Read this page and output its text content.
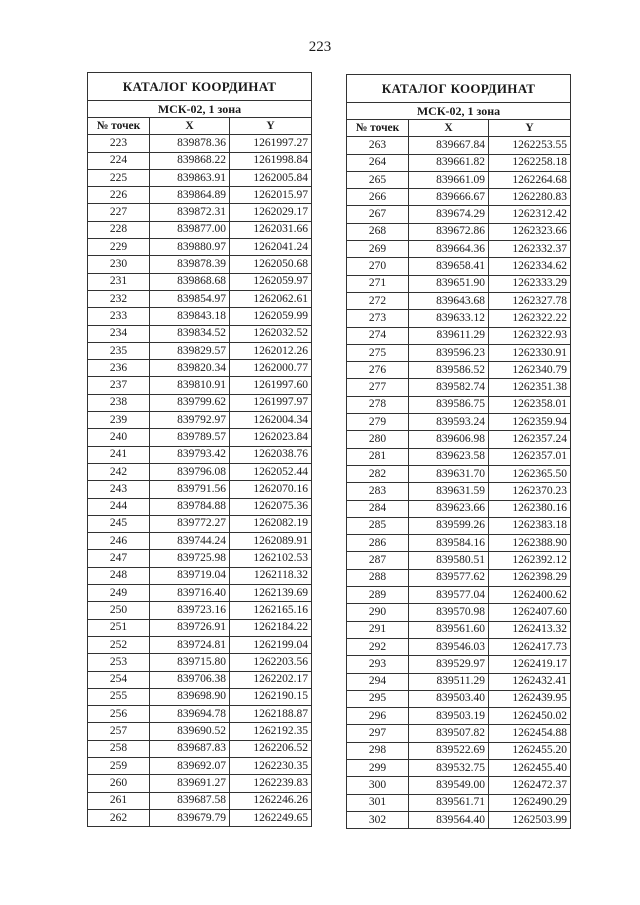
223
КАТАЛОГ КООРДИНАТ		
МСК-02, 1 зона		
№ точек	X	Y
223	839878.36	1261997.27
224	839868.22	1261998.84
225	839863.91	1262005.84
226	839864.89	1262015.97
227	839872.31	1262029.17
228	839877.00	1262031.66
229	839880.97	1262041.24
230	839878.39	1262050.68
231	839868.68	1262059.97
232	839854.97	1262062.61
233	839843.18	1262059.99
234	839834.52	1262032.52
235	839829.57	1262012.26
236	839820.34	1262000.77
237	839810.91	1261997.60
238	839799.62	1261997.97
239	839792.97	1262004.34
240	839789.57	1262023.84
241	839793.42	1262038.76
242	839796.08	1262052.44
243	839791.56	1262070.16
244	839784.88	1262075.36
245	839772.27	1262082.19
246	839744.24	1262089.91
247	839725.98	1262102.53
248	839719.04	1262118.32
249	839716.40	1262139.69
250	839723.16	1262165.16
251	839726.91	1262184.22
252	839724.81	1262199.04
253	839715.80	1262203.56
254	839706.38	1262202.17
255	839698.90	1262190.15
256	839694.78	1262188.87
257	839690.52	1262192.35
258	839687.83	1262206.52
259	839692.07	1262230.35
260	839691.27	1262239.83
261	839687.58	1262246.26
262	839679.79	1262249.65
КАТАЛОГ КООРДИНАТ		
МСК-02, 1 зона		
№ точек	X	Y
263	839667.84	1262253.55
264	839661.82	1262258.18
265	839661.09	1262264.68
266	839666.67	1262280.83
267	839674.29	1262312.42
268	839672.86	1262323.66
269	839664.36	1262332.37
270	839658.41	1262334.62
271	839651.90	1262333.29
272	839643.68	1262327.78
273	839633.12	1262322.22
274	839611.29	1262322.93
275	839596.23	1262330.91
276	839586.52	1262340.79
277	839582.74	1262351.38
278	839586.75	1262358.01
279	839593.24	1262359.94
280	839606.98	1262357.24
281	839623.58	1262357.01
282	839631.70	1262365.50
283	839631.59	1262370.23
284	839623.66	1262380.16
285	839599.26	1262383.18
286	839584.16	1262388.90
287	839580.51	1262392.12
288	839577.62	1262398.29
289	839577.04	1262400.62
290	839570.98	1262407.60
291	839561.60	1262413.32
292	839546.03	1262417.73
293	839529.97	1262419.17
294	839511.29	1262432.41
295	839503.40	1262439.95
296	839503.19	1262450.02
297	839507.82	1262454.88
298	839522.69	1262455.20
299	839532.75	1262455.40
300	839549.00	1262472.37
301	839561.71	1262490.29
302	839564.40	1262503.99
